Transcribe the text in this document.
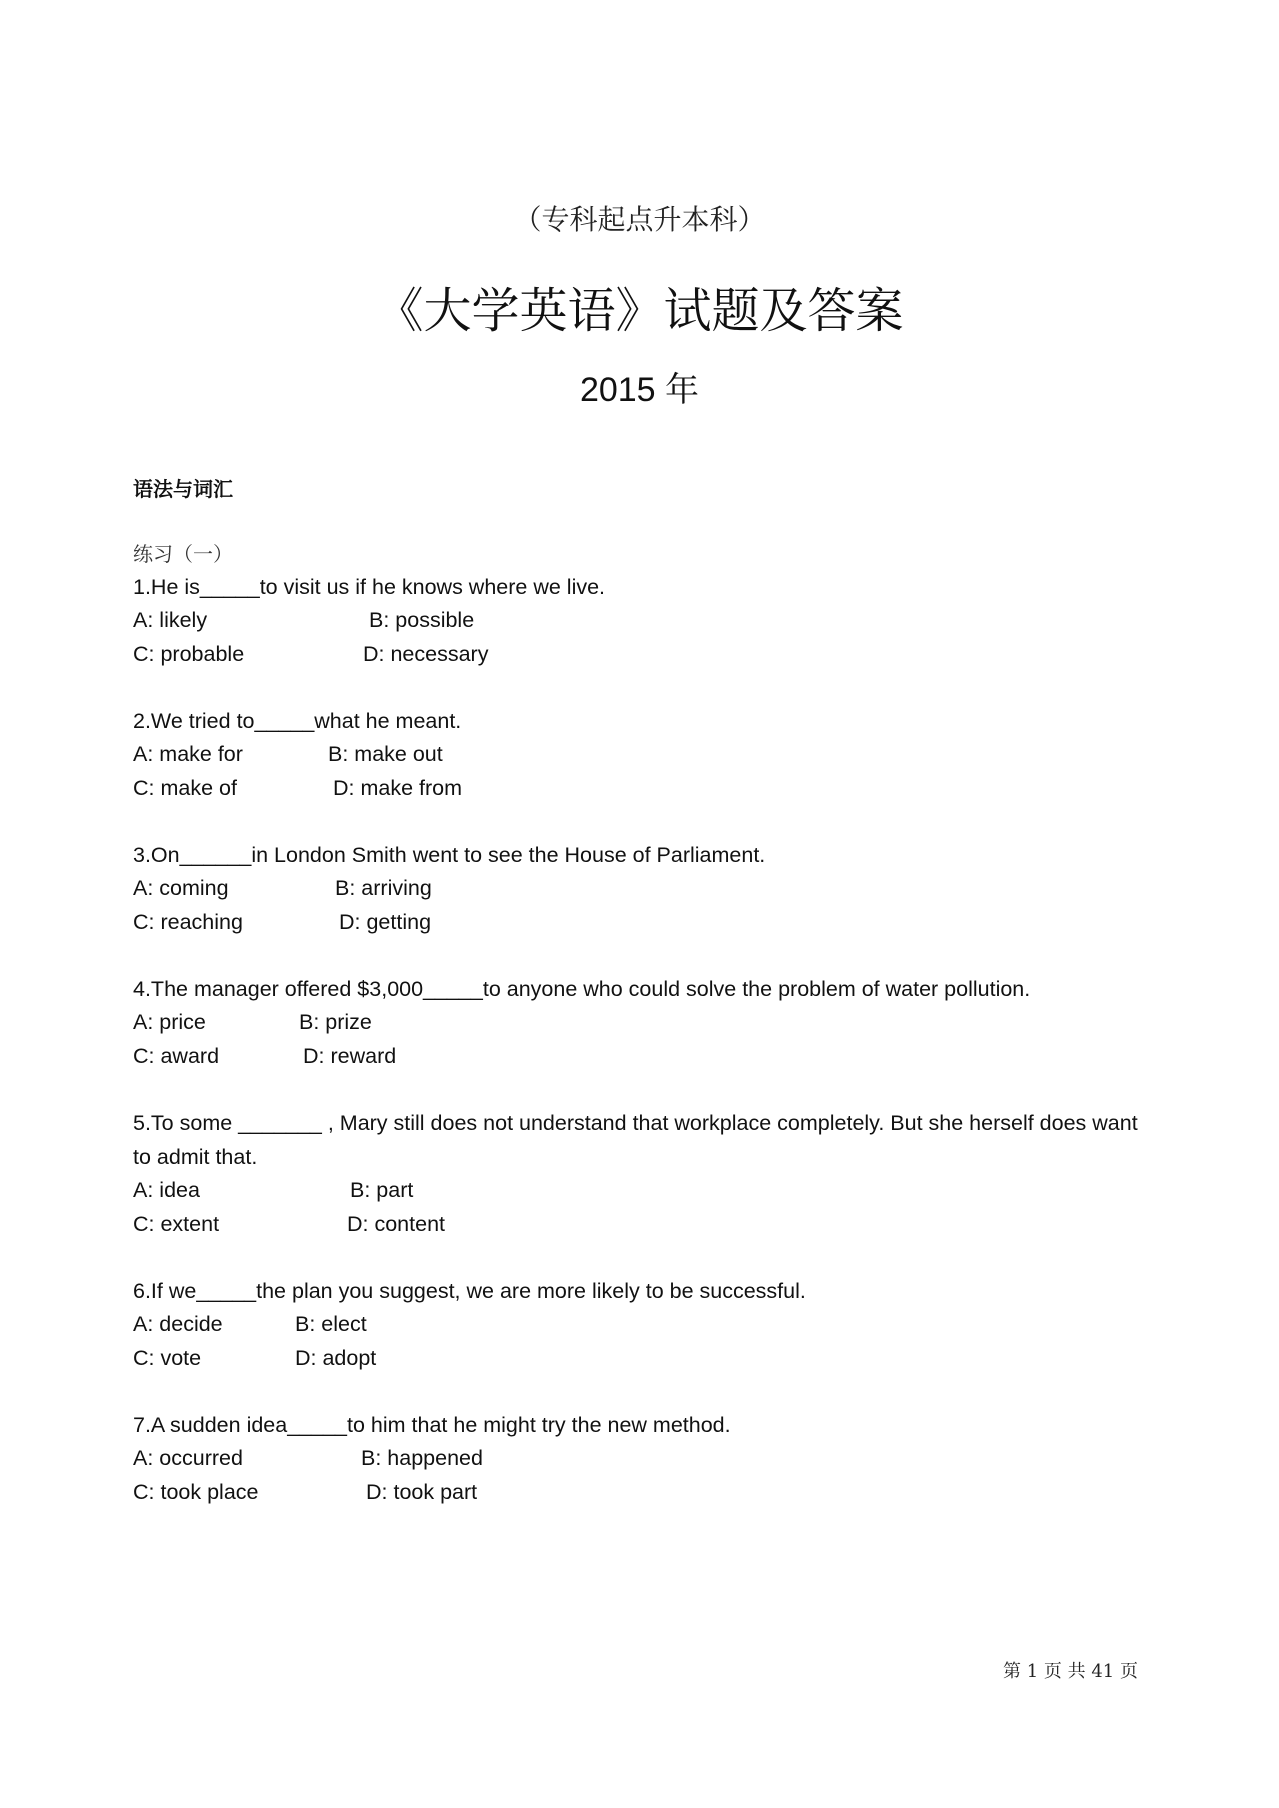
（专科起点升本科）
《大学英语》试题及答案
2015 年
语法与词汇
练习（一）
1.He is_____to visit us if he knows where we live.
A: likely	B: possible
C: probable	D: necessary
2.We tried to_____what he meant.
A: make for	B: make out
C: make of	D: make from
3.On______in London Smith went to see the House of Parliament.
A: coming	B: arriving
C: reaching	D: getting
4.The manager offered $3,000_____to anyone who could solve the problem of water pollution.
A: price	B: prize
C: award	D: reward
5.To some _______ , Mary still does not understand that workplace completely. But she herself does want to admit that.
A: idea	B: part
C: extent	D: content
6.If we_____the plan you suggest, we are more likely to be successful.
A: decide	B: elect
C: vote	D: adopt
7.A sudden idea_____to him that he might try the new method.
A: occurred	B: happened
C: took place	D: took part
第 1 页 共 41 页
